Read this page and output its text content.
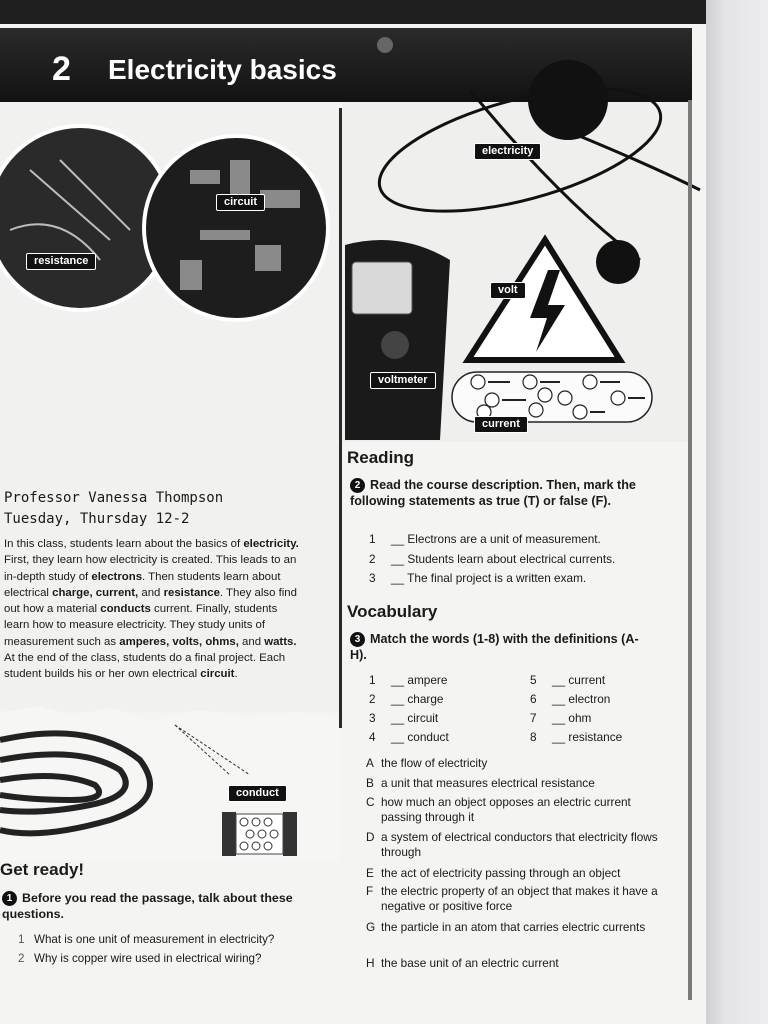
2 Electricity basics
resistance
circuit
electricity
volt
voltmeter
current
conduct
Professor Vanessa Thompson
Tuesday, Thursday 12-2
In this class, students learn about the basics of electricity. First, they learn how electricity is created. This leads to an in-depth study of electrons. Then students learn about electrical charge, current, and resistance. They also find out how a material conducts current. Finally, students learn how to measure electricity. They study units of measurement such as amperes, volts, ohms, and watts. At the end of the class, students do a final project. Each student builds his or her own electrical circuit.
Reading
2 Read the course description. Then, mark the following statements as true (T) or false (F).
1 __ Electrons are a unit of measurement.
2 __ Students learn about electrical currents.
3 __ The final project is a written exam.
Vocabulary
3 Match the words (1-8) with the definitions (A-H).
1 __ ampere
2 __ charge
3 __ circuit
4 __ conduct
5 __ current
6 __ electron
7 __ ohm
8 __ resistance
A the flow of electricity
B a unit that measures electrical resistance
C how much an object opposes an electric current passing through it
D a system of electrical conductors that electricity flows through
E the act of electricity passing through an object
F the electric property of an object that makes it have a negative or positive force
G the particle in an atom that carries electric currents
H the base unit of an electric current
Get ready!
1 Before you read the passage, talk about these questions.
1 What is one unit of measurement in electricity?
2 Why is copper wire used in electrical wiring?
